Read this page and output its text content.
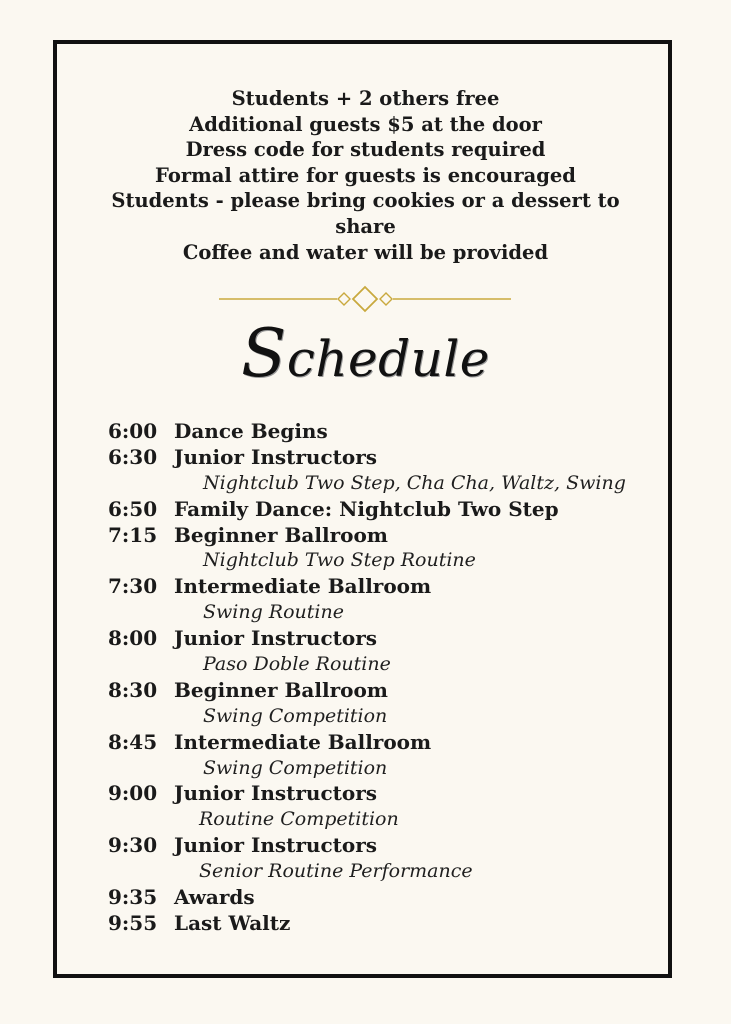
Students + 2 others free
Additional guests $5 at the door
Dress code for students required
Formal attire for guests is encouraged
Students - please bring cookies or a dessert to
share
Coffee and water will be provided
Schedule
6:00 Dance Begins
6:30 Junior Instructors
Nightclub Two Step, Cha Cha, Waltz, Swing
6:50 Family Dance: Nightclub Two Step
7:15 Beginner Ballroom
Nightclub Two Step Routine
7:30 Intermediate Ballroom
Swing Routine
8:00 Junior Instructors
Paso Doble Routine
8:30 Beginner Ballroom
Swing Competition
8:45 Intermediate Ballroom
Swing Competition
9:00 Junior Instructors
Routine Competition
9:30 Junior Instructors
Senior Routine Performance
9:35 Awards
9:55 Last Waltz
